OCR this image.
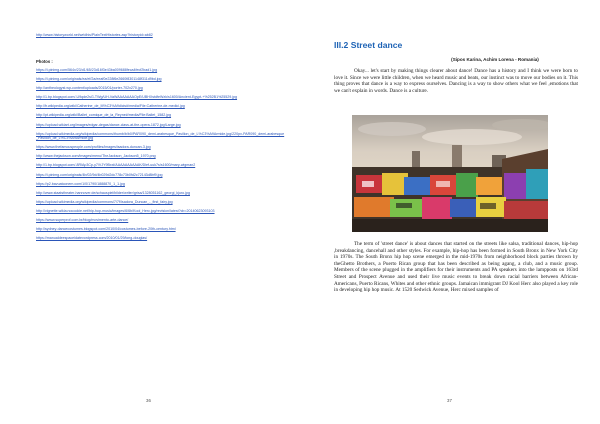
http://www.historyworld.net/wrldhis/PlainTextHistories.asp?historyid=ab82
Photos :
https://i.pinimg.com/564x/23/d1/65/23d16f3e43ba009688feca4fecf2bad1.jpg
https://i.pinimg.com/originals/ea/ef/2a/eeaf0e228f6e2660f8301148f311d9bd.jpg
http://antheologyst.wp-content/uploads/2015/01/porter-702x270.jpg
http://1.bp.blogspot.com/-U9qde2sG-TWg/UH-VaWAAAAAAAOpE/UBHXstdfeWzk/s1600/Ancient-Egypt-+%252B1%25529.jpg
http://fr.wikipedia.org/wiki/Catherine_de_M%C3%A9dicis#/media/File:Catherine-de-medici.jpg
http://pt.wikipedia.org/wiki/Ballet_comique_de_la_Reyne#/media/File:Ballet_1582.jpg
https://upload.wikiart.org/images/edgar-degas/dance-class-at-the-opera-1872.jpg!Large.jpg
https://upload.wikimedia.org/wikipedia/commons/thumb/b/b0/PAR090_demi-arabesque_Pavillon_de_L%C3%A9Armide.jpg/220px-PAR090_demi-arabesque_Pavillon_de_L%C3%A9Armide.jpg
https://www.thefamouspeople.com/profiles/images/isadora-duncan-3.jpg
http://www.thejackson.com/images/menu/TheJackson_Jackson5_1970.png
http://1.bp.blogspot.com/-8RlAp3Cp-y7/VJY9Bxxl/AAAAAAAAAAK/Dlef-uuk7s/s1600/mary-wigman2
https://i.pinimg.com/originals/4b/02/9d/4b029d2dc778c73b0fd2c72143d8bf9.jpg
https://p2.bavuatconem.com/1/0/1790/1888870_1_1.jpg
http://www.staatstheater-hannover.de/schauspiel/bilder/writer/grisa/1328051162_georgi_kjuro.jpg
https://upload.wikimedia.org/wikipedia/commons/7/7f/Isadora_Duncan_-_first_fairy.jpg
http://vignette.wikia.nocookie.net/hip-hop-music/images/6/6b/Kool_Herc.jpg/revision/latest?cb=20140623093103
https://www.superprof.com.br/blog/movimento-arte-dance/
http://sydney-dancecostumes.blogspot.com/2010/04/costumes-before-20th-century.html
https://manualdeespaceidatevordpress.com/2010/01/29/long-douglas/
36
III.2 Street dance
(Sipos Karina, Achim Lorena - Romania)
Okay... let's start by making things clearer about dance! Dance has a history and I think we were born to love it. Since we were little children, when we heard music and beats, our instinct was to move our bodies on it. This thing proves that dance is a way to express ourselves. Dancing is a way to show others what we feel ,emotions that we can't explain in words. Dance is a culture.
The term of 'street dance' is about dances that started on the streets like salsa, traditional dances, hip-hop ,breakdancing, dancehall and other styles. For example, hip-hop has been formed in South Bronx in New York City in 1970s. The South Bronx hip hop scene emerged in the mid-1970s from neighborhood block parties thrown by theGhetto Brothers, a Puerto Rican group that has been described as being agang, a club, and a music group. Members of the scene plugged in the amplifiers for their instruments and PA speakers into the lampposts on 163rd Street and Prospect Avenue and used their live music events to break down racial barriers between African-Americans, Puerto Ricans, Whites and other ethnic groups. Jamaican immigrant DJ Kool Herc also played a key role in developing hip hop music. At 1520 Sedwick Avenue, Herc mixed samples of
37
